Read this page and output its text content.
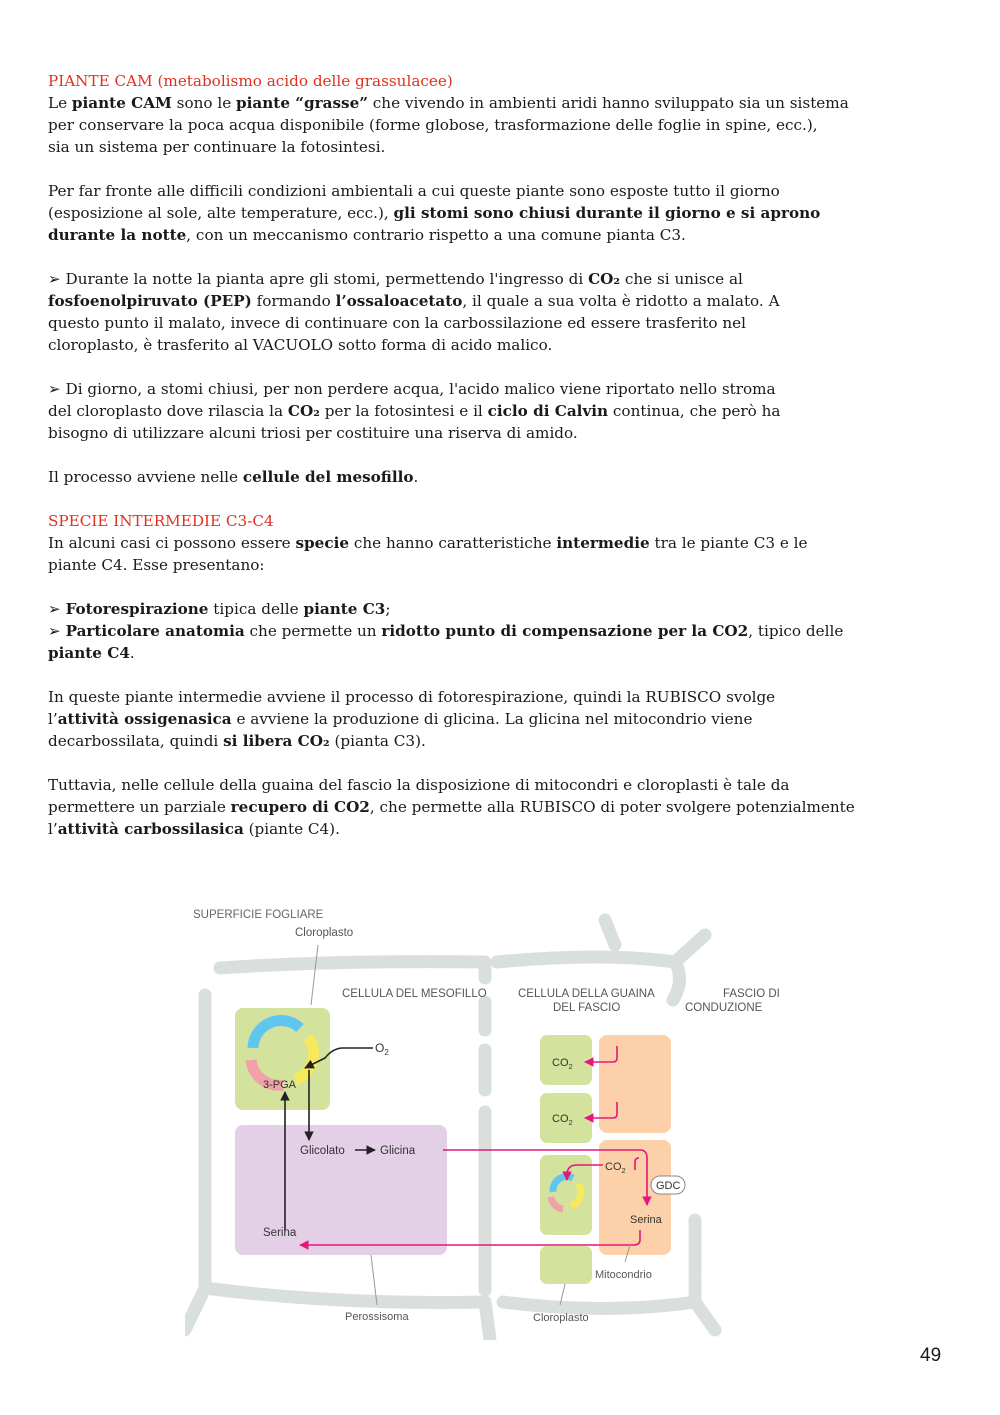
PIANTE CAM (metabolismo acido delle grassulacee)

Le piante CAM sono le piante “grasse” che vivendo in ambienti aridi hanno sviluppato sia un sistema
per conservare la poca acqua disponibile (forme globose, trasformazione delle foglie in spine, ecc.),
sia un sistema per continuare la fotosintesi.

Per far fronte alle difficili condizioni ambientali a cui queste piante sono esposte tutto il giorno
(esposizione al sole, alte temperature, ecc.), gli stomi sono chiusi durante il giorno e si aprono
durante la notte, con un meccanismo contrario rispetto a una comune pianta C3.

➢ Durante la notte la pianta apre gli stomi, permettendo l'ingresso di CO₂ che si unisce al
fosfoenolpiruvato (PEP) formando l’ossaloacetato, il quale a sua volta è ridotto a malato. A
questo punto il malato, invece di continuare con la carbossilazione ed essere trasferito nel
cloroplasto, è trasferito al VACUOLO sotto forma di acido malico.

➢ Di giorno, a stomi chiusi, per non perdere acqua, l'acido malico viene riportato nello stroma
del cloroplasto dove rilascia la CO₂ per la fotosintesi e il ciclo di Calvin continua, che però ha
bisogno di utilizzare alcuni triosi per costituire una riserva di amido.

Il processo avviene nelle cellule del mesofillo.

SPECIE INTERMEDIE C3-C4

In alcuni casi ci possono essere specie che hanno caratteristiche intermedie tra le piante C3 e le
piante C4. Esse presentano:

➢ Fotorespirazione tipica delle piante C3;
➢ Particolare anatomia che permette un ridotto punto di compensazione per la CO2, tipico delle
piante C4.

In queste piante intermedie avviene il processo di fotorespirazione, quindi la RUBISCO svolge
l’attività ossigenasica e avviene la produzione di glicina. La glicina nel mitocondrio viene
decarbossilata, quindi si libera CO₂ (pianta C3).

Tuttavia, nelle cellule della guaina del fascio la disposizione di mitocondri e cloroplasti è tale da
permettere un parziale recupero di CO2, che permette alla RUBISCO di poter svolgere potenzialmente
l’attività carbossilasica (piante C4).

SUPERFICIE FOGLIARE
Cloroplasto
CELLULA DEL MESOFILLO	CELLULA DELLA GUAINA
DEL FASCIO
FASCIO DI
CONDUZIONE
$O_2$
3-PGA
Glicolato	Glicina
Serina
$CO_2$
$CO_2$
$CO_2$
GDC
Serina
Mitocondrio
Perossisoma	Cloroplasto
49
